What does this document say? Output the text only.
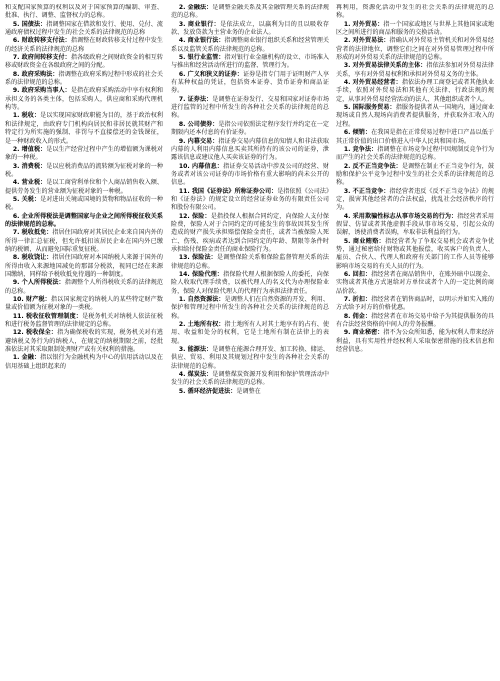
和支配国家预算的权利以及对于国家预算的编制、审查、批准、执行、调整、监督权力的总称。

5. 国债法：指调整国家在借款和发行、使用、兑付、流通政府债权过程中发生的社会关系的法律规范的总称

6. 财政转移支付法：指调整在财政转移支付过程中发生的经济关系的法律规范的总称

7. 政府间转移支付：指各级政府之间财政资金的相互转移或财政资金在各级政府之间的分配。

8. 政府采购法：指调整在政府采购过程中形成的社会关系的法律规范的总称。

9. 政府采购当事人：是指在政府采购活动中享有权利和承担义务的各类主体，包括采购人，供应商和采购代理机构等。

1. 税收：是以实现国家财政职能为目的，基于政治权利和法律规定，由政府专门机构向居民和非居民就其财产和特定行为所实施的强制、非罚与不直接偿还的金钱课征，是一种财政收入的形式。

2. 增值税：是以生产经营过程中产生的增值额为课税对象的一种税。

3. 消费税：是以应税消费品的流转额为征税对象的一种税。

4. 营业税：是以工商营利单位和个人商品销售收入额、提供劳务发生的营业额为征税对象的一种税。

5. 关税：是对进出关境或国境的货物和物品征收的一种税。

6. 企业所得税法是调整国家与企业之间所得税征收关系的法律规范的总称。

7. 税收抵免：指居住国政府对其居民企业来自国内外的所得一律汇总征税，但允许抵扣该居民企业在国内外已缴纳的税额，从而避免国际重复征税。

8. 税收饶让：指居住国政府对本国纳税人来源于国外的所得由收入来源地国减免的那部分税款，视同已经在来源国缴纳，同样给予税收抵免待遇的一种制度。

9. 个人所得税法：指调整个人所得税收关系的法律规范的总称。

10. 财产税：指以国家规定的纳税人的某些特定财产数量或价值额为征税对象的一类税。

11. 税收征收管理制度：是税务机关对纳税人依法征税和进行税务监督管理的法律规定的总称。

12. 税收保全：指为确保税收的实现，税务机关对有逃避纳税义务行为的纳税人，在规定的纳税期限之前，经批准依法对其采取限制处理财产或有关权利的措施。

1. 金融：指以银行为金融机构为中心的信用活动以及在信用基础上组织起来的

2. 金融法：是调整金融关系及其金融管理关系的法律规范的总称。

3. 商业银行：是依法成立，以赢利为目的且以吸收存款、发放贷款为主营业务的企业法人。

4. 商业银行法：指调整商业银行组织关系和经营管理关系以及监管关系的法律规范的总称。

5. 银行业监管：指对银行业金融机构的设立、市场准入与推出和经营活动所进行的监督、管理行为。

6. 广义和狭义的证券：证券是指专门用于证明财产人享有某种权益的凭证，包括资本证券、货币证券和商品证券。

7. 证券法：是调整在证券发行、交易和国家对证券市场进行监管的过程中所发生的各种社会关系的法律规范的总称。

8. 公司债券：是指公司依照法定程序发行并约定在一定期限内还本付息的有价证券。

9. 内幕交易：指证券交易内幕信息的知情人和非法获取内幕的人利用内幕信息买卖其所持有的该公司的证券，泄露该信息或建议他人买卖该证券的行为。

10. 内幕信息：指证券交易活动中涉及公司的经营、财务或者对该公司证券的市场价格有重大影响的尚未公开的信息。

11. 我国《证券法》所称证券公司：是指依照《公司法》和《证券法》的规定设立的经营证券业务的有限责任公司和股份有限公司。

12. 保险：是指投保人根据合同约定，向保险人支付保险费，保险人对于合同约定的可能发生的事故因其发生所造成的财产损失承担赔偿保险金责任，或者当被保险人死亡、伤残、疾病或者达到合同约定的年龄、期限等条件时承担给付保险金责任的商业保险行为。

13. 保险法：是调整保险关系和保险监督管理关系的法律规范的总称。

14. 保险代理：指保险代理人根据保险人的委托，向保险人收取代理手续费，以被代理人的名义代为办理保险业务，保险人对保险代理人的代理行为承担法律责任。

1. 自然资源法：是调整人们在自然资源的开发、利用、保护和管理过程中所发生的各种社会关系的法律规范的总称。

2. 土地所有权：指土地所有人对其土地享有的占有、使用、收益和处分的权利，它是土地所有制在法律上的表现。

3. 能源法：是调整在能源合理开发、加工转换、储运、供应、贸易、利用及其规划过程中发生的各种社会关系的法律规范的总称。

4. 煤炭法：是调整煤炭资源开发利用和保护管理活动中发生的社会关系的法律规范的总称。

5. 循环经济促进法：是调整在

再利用，资源化活动中发生的社会关系的法律规范的总称。

1. 对外贸易：指一个国家或地区与世界上其他国家或地区之间所进行的商品和服务的交换活动。

2. 对外贸易法：指确认对外贸易主管机关和对外贸易经营者的法律地位，调整它们之间在对外贸易管理过程中所形成的对外贸易关系的法律规范的总称。

3. 对外贸易法律关系的主体：指依法参加对外贸易法律关系，享有对外贸易权利和承担对外贸易义务的主体。

4. 对外贸易经营者：指依法办理工商登记或者其他执业手续，依照对外贸易法和其他有关法律、行政法规的规定，从事对外贸易经营活动的法人、其他组织或者个人。

5. 国际服务贸易：指服务提供者从一国境内，通过商业现场或自然人现场向消费者提供服务，并获取外汇收入的过程。

6. 倾销：在我国是指在正常贸易过程中进口产品以低于其正常价值的出口价格进入中华人民共和国市场。

1. 竞争法：指调整在市场竞争过程中因规制反竞争行为而产生的社会关系的法律规范的总称。

2. 反不正当竞争法：是调整在制止不正当竞争行为，鼓励和保护公平竞争过程中发生的社会关系的法律规范的总称。

3. 不正当竞争：指经营者违反《反不正当竞争法》的规定，损害其他经营者的合法权益，扰乱社会经济秩序的行为。

4. 采用欺骗性标志从事市场交易的行为：指经营者采用假冒、仿冒或者其他虚假手段从事市场交易，引起公众的误解，诱使消费者误购，牟取非法利益的行为。

5. 商业贿赂：指经营者为了争取交易机会或者竞争优势，通过秘密给付财物或其他报偿，收买客户的负责人、雇员、合伙人、代理人和政府有关部门的工作人员等能够影响市场交易的有关人员的行为。

6. 回扣：指经营者在商品销售中，在账外暗中以现金、实物或者其他方式退给对方单位或者个人的一定比例的商品价款。

7. 折扣：指经营者在销售商品时，以明示并如实入账的方式给予对方的价格优惠。

8. 佣金：指经营者在市场交易中给予为其提供服务的具有合法经营资格的中间人的劳务报酬。

9. 商业秘密：指不为公众所知悉，能为权利人带来经济利益，具有实用性并经权利人采取保密措施的技术信息和经营信息。
